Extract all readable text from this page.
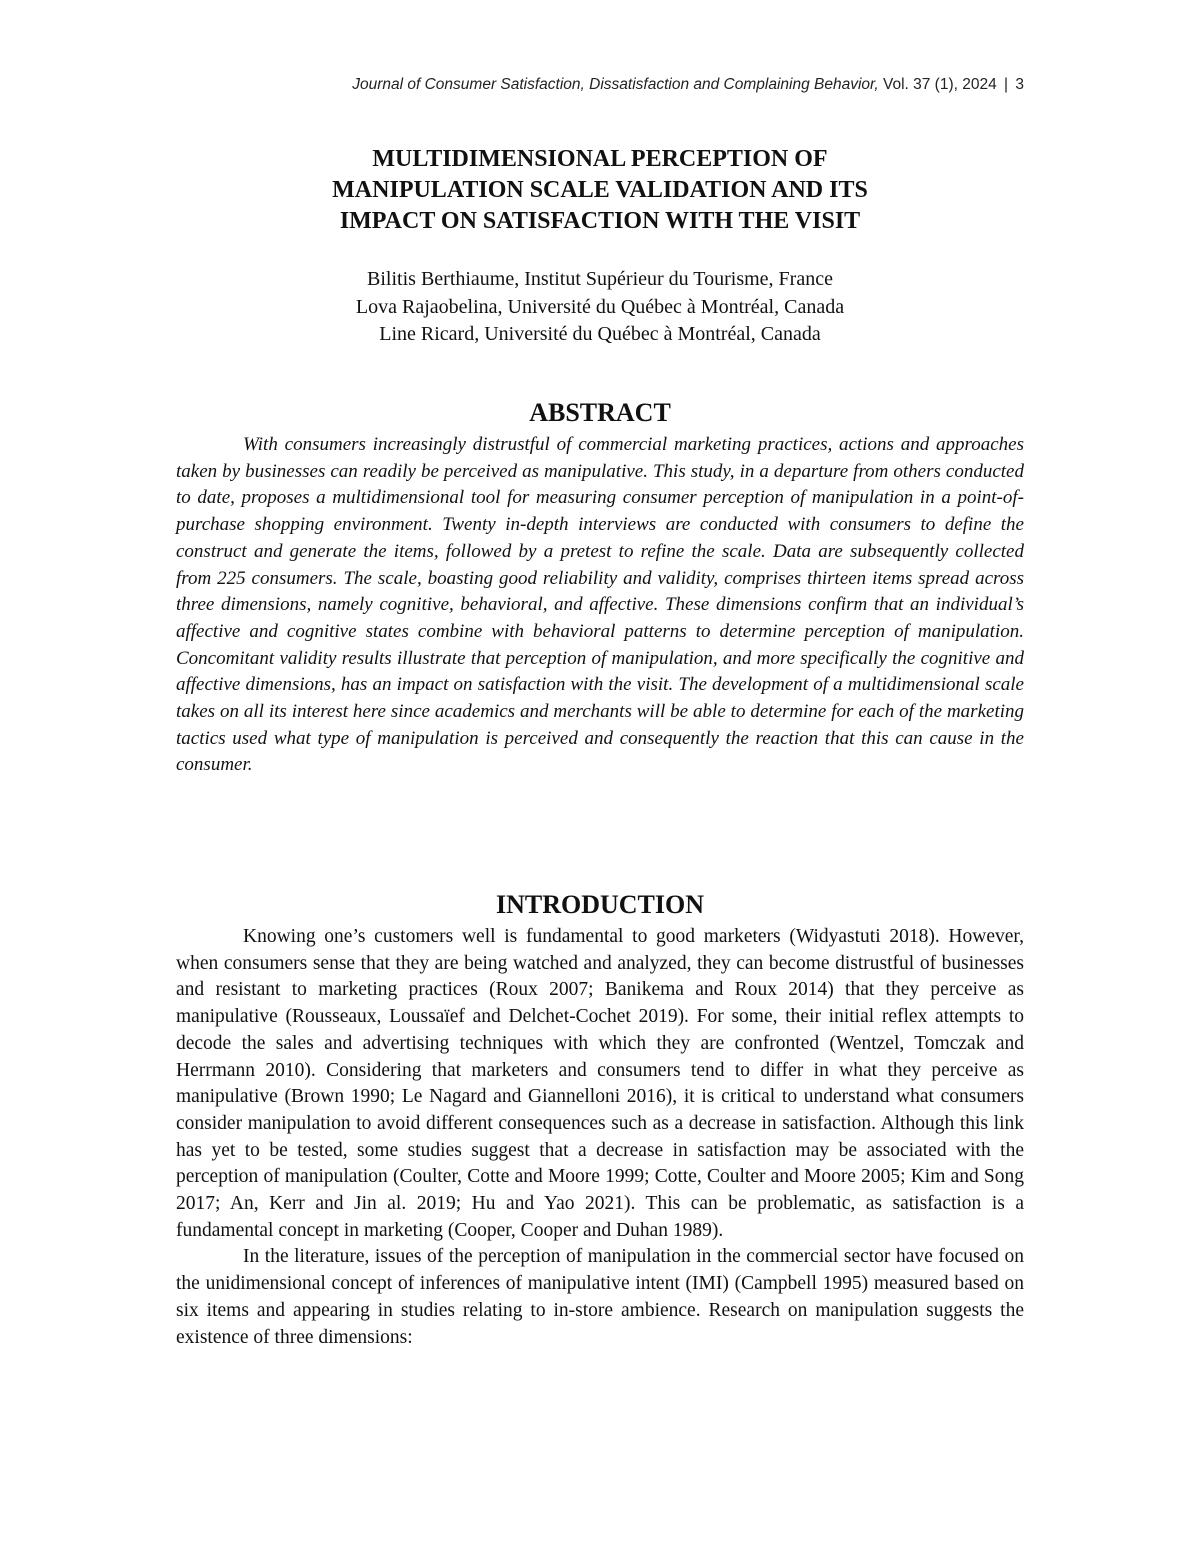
Journal of Consumer Satisfaction, Dissatisfaction and Complaining Behavior, Vol. 37 (1), 2024 | 3
MULTIDIMENSIONAL PERCEPTION OF
MANIPULATION SCALE VALIDATION AND ITS
IMPACT ON SATISFACTION WITH THE VISIT
Bilitis Berthiaume, Institut Supérieur du Tourisme, France
Lova Rajaobelina, Université du Québec à Montréal, Canada
Line Ricard, Université du Québec à Montréal, Canada
ABSTRACT

With consumers increasingly distrustful of commercial marketing practices, actions and approaches taken by businesses can readily be perceived as manipulative. This study, in a departure from others conducted to date, proposes a multidimensional tool for measuring consumer perception of manipulation in a point-of-purchase shopping environment. Twenty in-depth interviews are conducted with consumers to define the construct and generate the items, followed by a pretest to refine the scale. Data are subsequently collected from 225 consumers. The scale, boasting good reliability and validity, comprises thirteen items spread across three dimensions, namely cognitive, behavioral, and affective. These dimensions confirm that an individual’s affective and cognitive states combine with behavioral patterns to determine perception of manipulation. Concomitant validity results illustrate that perception of manipulation, and more specifically the cognitive and affective dimensions, has an impact on satisfaction with the visit. The development of a multidimensional scale takes on all its interest here since academics and merchants will be able to determine for each of the marketing tactics used what type of manipulation is perceived and consequently the reaction that this can cause in the consumer.

INTRODUCTION

Knowing one’s customers well is fundamental to good marketers (Widyastuti 2018). However, when consumers sense that they are being watched and analyzed, they can become distrustful of businesses and resistant to marketing practices (Roux 2007; Banikema and Roux 2014) that they perceive as manipulative (Rousseaux, Loussaïef and Delchet-Cochet 2019). For some, their initial reflex attempts to decode the sales and advertising techniques with which they are confronted (Wentzel, Tomczak and Herrmann 2010). Considering that marketers and consumers tend to differ in what they perceive as manipulative (Brown 1990; Le Nagard and Giannelloni 2016), it is critical to understand what consumers consider manipulation to avoid different consequences such as a decrease in satisfaction. Although this link has yet to be tested, some studies suggest that a decrease in satisfaction may be associated with the perception of manipulation (Coulter, Cotte and Moore 1999; Cotte, Coulter and Moore 2005; Kim and Song 2017; An, Kerr and Jin al. 2019; Hu and Yao 2021). This can be problematic, as satisfaction is a fundamental concept in marketing (Cooper, Cooper and Duhan 1989).

In the literature, issues of the perception of manipulation in the commercial sector have focused on the unidimensional concept of inferences of manipulative intent (IMI) (Campbell 1995) measured based on six items and appearing in studies relating to in-store ambience. Research on manipulation suggests the existence of three dimensions:
